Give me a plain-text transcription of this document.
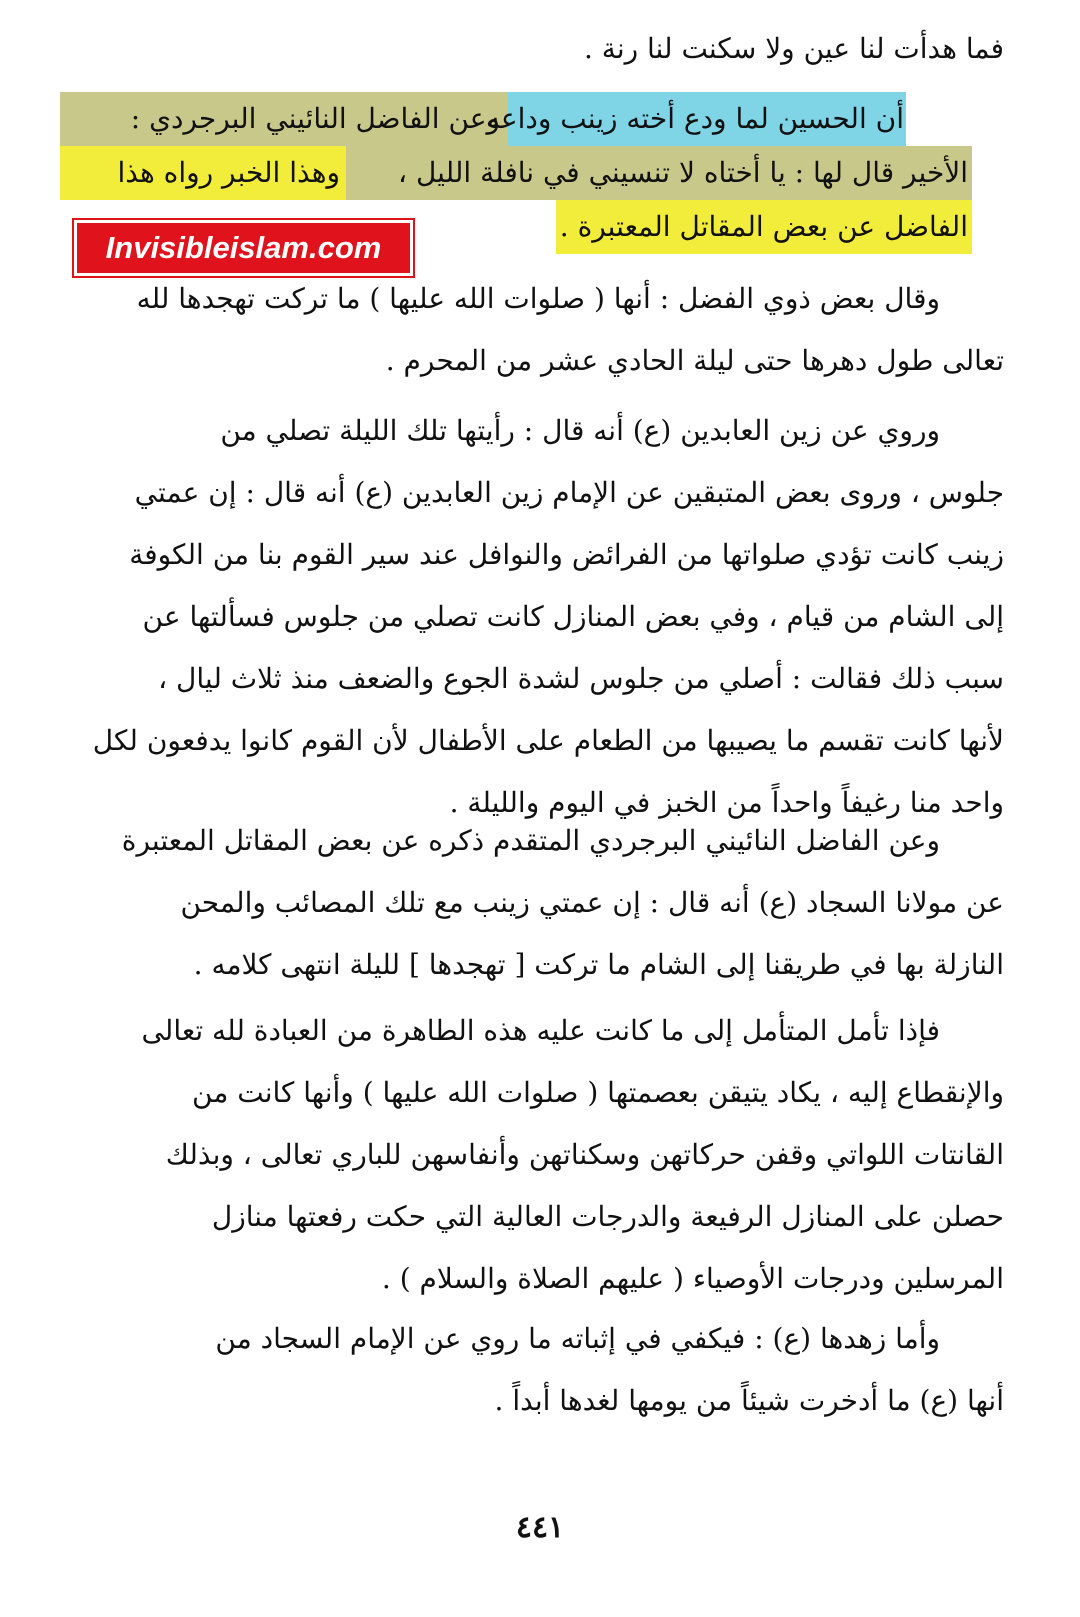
فما هدأت لنا عين ولا سكنت لنا رنة .
أن الحسين لما ودع أخته زينب وداعه
وعن الفاضل النائيني البرجردي :
الأخير قال لها : يا أختاه لا تنسيني في نافلة الليل ،
وهذا الخبر رواه هذا
الفاضل عن بعض المقاتل المعتبرة .
Invisibleislam.com
وقال بعض ذوي الفضل : أنها ( صلوات الله عليها ) ما تركت تهجدها لله
تعالى طول دهرها حتى ليلة الحادي عشر من المحرم .
وروي عن زين العابدين (ع) أنه قال : رأيتها تلك الليلة تصلي من
جلوس ، وروى بعض المتبقين عن الإمام زين العابدين (ع) أنه قال : إن عمتي
زينب كانت تؤدي صلواتها من الفرائض والنوافل عند سير القوم بنا من الكوفة
إلى الشام من قيام ، وفي بعض المنازل كانت تصلي من جلوس فسألتها عن
سبب ذلك فقالت : أصلي من جلوس لشدة الجوع والضعف منذ ثلاث ليال ،
لأنها كانت تقسم ما يصيبها من الطعام على الأطفال لأن القوم كانوا يدفعون لكل
واحد منا رغيفاً واحداً من الخبز في اليوم والليلة .
وعن الفاضل النائيني البرجردي المتقدم ذكره عن بعض المقاتل المعتبرة
عن مولانا السجاد (ع) أنه قال : إن عمتي زينب مع تلك المصائب والمحن
النازلة بها في طريقنا إلى الشام ما تركت [ تهجدها ] لليلة انتهى كلامه .
فإذا تأمل المتأمل إلى ما كانت عليه هذه الطاهرة من العبادة لله تعالى
والإنقطاع إليه ، يكاد يتيقن بعصمتها ( صلوات الله عليها ) وأنها كانت من
القانتات اللواتي وقفن حركاتهن وسكناتهن وأنفاسهن للباري تعالى ، وبذلك
حصلن على المنازل الرفيعة والدرجات العالية التي حكت رفعتها منازل
المرسلين ودرجات الأوصياء ( عليهم الصلاة والسلام ) .
وأما زهدها (ع) : فيكفي في إثباته ما روي عن الإمام السجاد من
أنها (ع) ما أدخرت شيئاً من يومها لغدها أبداً .
٤٤١
